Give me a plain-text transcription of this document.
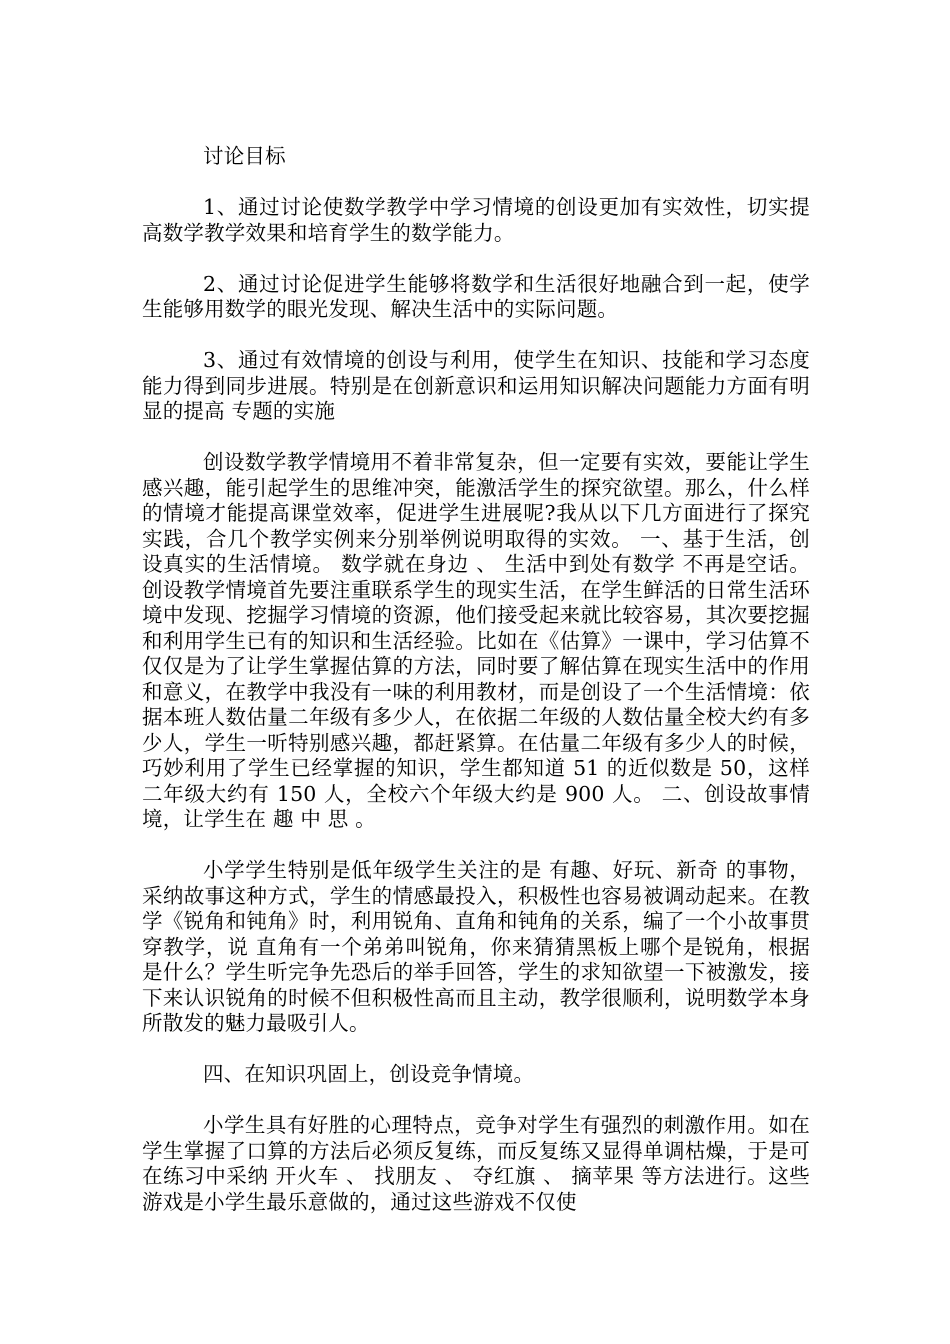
讨论目标

1、通过讨论使数学教学中学习情境的创设更加有实效性，切实提高数学教学效果和培育学生的数学能力。

2、通过讨论促进学生能够将数学和生活很好地融合到一起，使学生能够用数学的眼光发现、解决生活中的实际问题。

3、通过有效情境的创设与利用，使学生在知识、技能和学习态度能力得到同步进展。特别是在创新意识和运用知识解决问题能力方面有明显的提高 专题的实施

创设数学教学情境用不着非常复杂，但一定要有实效，要能让学生感兴趣，能引起学生的思维冲突，能激活学生的探究欲望。那么，什么样的情境才能提高课堂效率，促进学生进展呢?我从以下几方面进行了探究实践，合几个教学实例来分别举例说明取得的实效。 一、基于生活，创设真实的生活情境。 数学就在身边 、 生活中到处有数学 不再是空话。创设教学情境首先要注重联系学生的现实生活，在学生鲜活的日常生活环境中发现、挖掘学习情境的资源，他们接受起来就比较容易，其次要挖掘和利用学生已有的知识和生活经验。比如在《估算》一课中，学习估算不仅仅是为了让学生掌握估算的方法，同时要了解估算在现实生活中的作用和意义，在教学中我没有一味的利用教材，而是创设了一个生活情境：依据本班人数估量二年级有多少人，在依据二年级的人数估量全校大约有多少人，学生一听特别感兴趣，都赶紧算。在估量二年级有多少人的时候，巧妙利用了学生已经掌握的知识，学生都知道 51 的近似数是 50，这样二年级大约有 150 人，全校六个年级大约是 900 人。 二、创设故事情境，让学生在 趣 中 思 。

小学学生特别是低年级学生关注的是 有趣、好玩、新奇 的事物，采纳故事这种方式，学生的情感最投入，积极性也容易被调动起来。在教学《锐角和钝角》时，利用锐角、直角和钝角的关系，编了一个小故事贯穿教学，说 直角有一个弟弟叫锐角，你来猜猜黑板上哪个是锐角，根据是什么？学生听完争先恐后的举手回答，学生的求知欲望一下被激发，接下来认识锐角的时候不但积极性高而且主动，教学很顺利，说明数学本身所散发的魅力最吸引人。

四、在知识巩固上，创设竞争情境。

小学生具有好胜的心理特点，竞争对学生有强烈的刺激作用。如在学生掌握了口算的方法后必须反复练，而反复练又显得单调枯燥，于是可在练习中采纳 开火车 、 找朋友 、 夺红旗 、 摘苹果 等方法进行。这些游戏是小学生最乐意做的，通过这些游戏不仅使
